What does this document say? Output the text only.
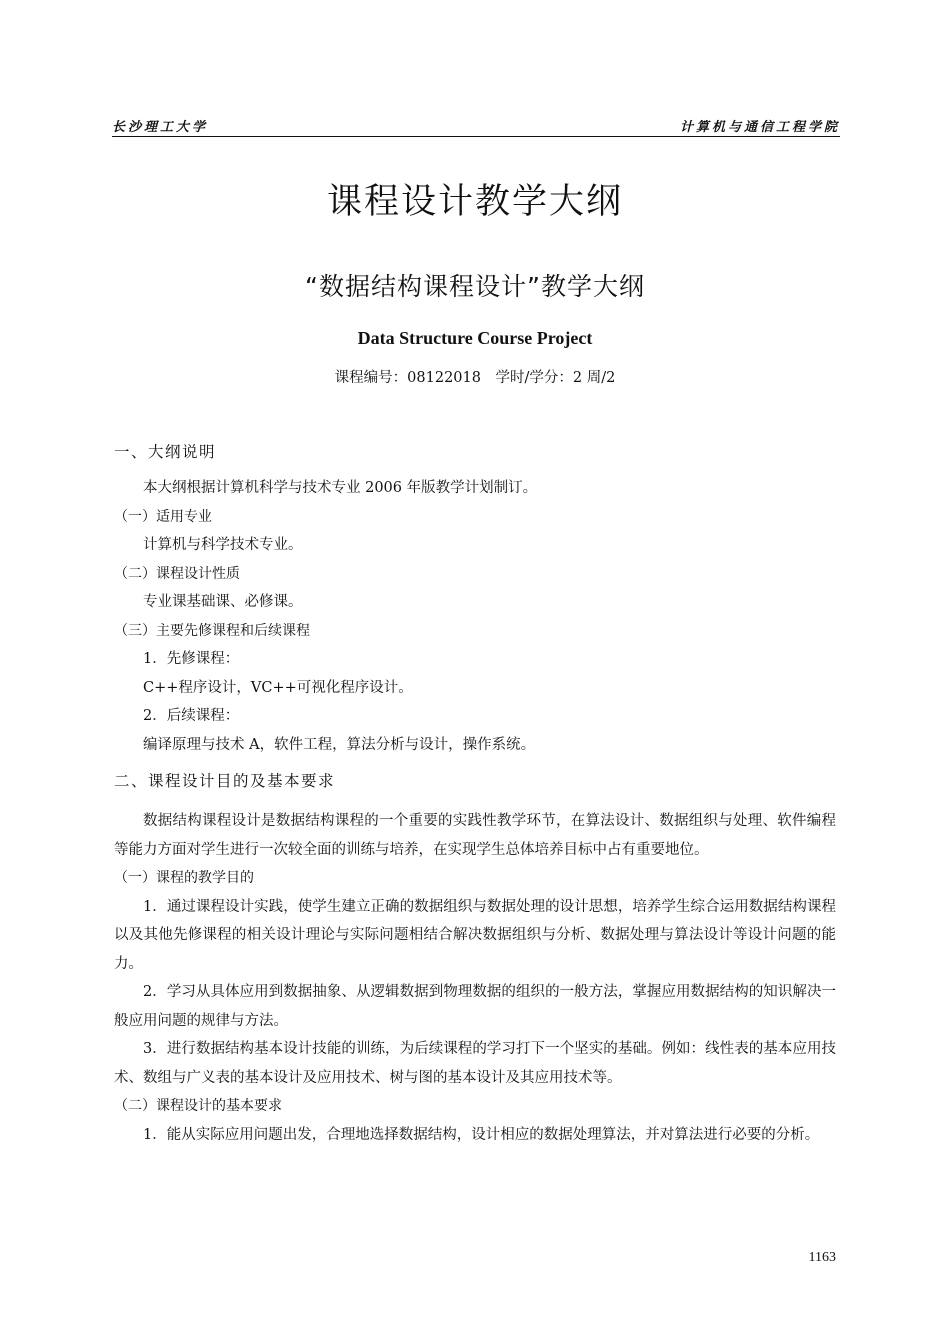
长沙理工大学	计算机与通信工程学院
课程设计教学大纲
“数据结构课程设计”教学大纲
Data Structure Course Project
课程编号：08122018　学时/学分：2 周/2
一、大纲说明

本大纲根据计算机科学与技术专业 2006 年版教学计划制订。

（一）适用专业

计算机与科学技术专业。

（二）课程设计性质

专业课基础课、必修课。

（三）主要先修课程和后续课程

1．先修课程：

C++程序设计，VC++可视化程序设计。

2．后续课程：

编译原理与技术 A，软件工程，算法分析与设计，操作系统。

二、课程设计目的及基本要求

数据结构课程设计是数据结构课程的一个重要的实践性教学环节，在算法设计、数据组织与处理、软件编程等能力方面对学生进行一次较全面的训练与培养，在实现学生总体培养目标中占有重要地位。

（一）课程的教学目的

1．通过课程设计实践，使学生建立正确的数据组织与数据处理的设计思想，培养学生综合运用数据结构课程以及其他先修课程的相关设计理论与实际问题相结合解决数据组织与分析、数据处理与算法设计等设计问题的能力。

2．学习从具体应用到数据抽象、从逻辑数据到物理数据的组织的一般方法，掌握应用数据结构的知识解决一般应用问题的规律与方法。

3．进行数据结构基本设计技能的训练，为后续课程的学习打下一个坚实的基础。例如：线性表的基本应用技术、数组与广义表的基本设计及应用技术、树与图的基本设计及其应用技术等。

（二）课程设计的基本要求

1．能从实际应用问题出发，合理地选择数据结构，设计相应的数据处理算法，并对算法进行必要的分析。

1163
